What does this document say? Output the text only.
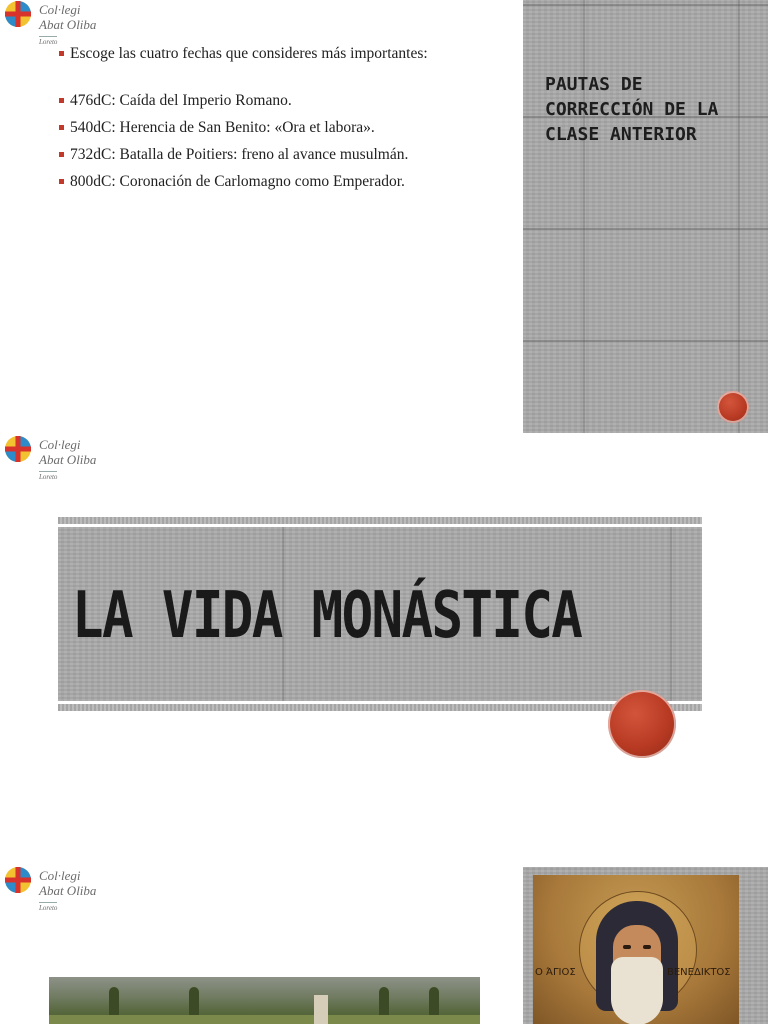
Col·legi
Abat Oliba
Loreto
Escoge las cuatro fechas que consideres más importantes:
476dC: Caída del Imperio Romano.
540dC: Herencia de San Benito: «Ora et labora».
732dC: Batalla de Poitiers: freno al avance musulmán.
800dC: Coronación de Carlomagno como Emperador.
PAUTAS DE CORRECCIÓN DE LA CLASE ANTERIOR
Col·legi
Abat Oliba
Loreto
LA VIDA MONÁSTICA
Col·legi
Abat Oliba
Loreto
Ο ΆΓΙΟΣ	ΒΕΝΕΔΙΚΤΟΣ
